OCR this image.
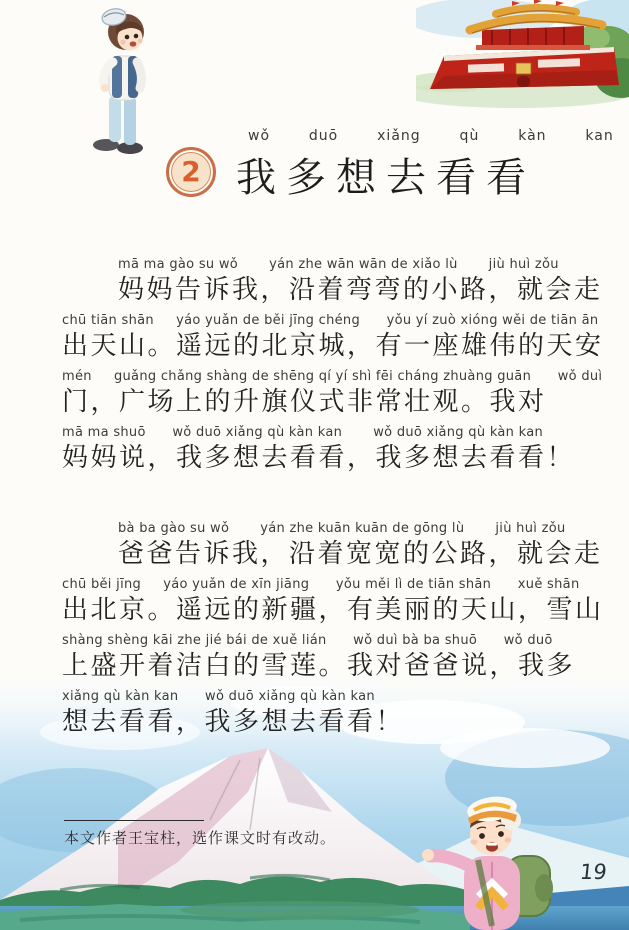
2
wǒ  duō  xiǎng  qù  kàn  kan
我多想去看看
mā ma gào su wǒ       yán zhe wān wān de xiǎo lù       jiù huì zǒu
妈妈告诉我，沿着弯弯的小路，就会走
chū tiān shān     yáo yuǎn de běi jīng chéng      yǒu yí zuò xióng wěi de tiān ān
出天山。遥远的北京城，有一座雄伟的天安
mén     guǎng chǎng shàng de shēng qí yí shì fēi cháng zhuàng guān      wǒ duì
门，广场上的升旗仪式非常壮观。我对
mā ma shuō      wǒ duō xiǎng qù kàn kan       wǒ duō xiǎng qù kàn kan
妈妈说，我多想去看看，我多想去看看！
bà ba gào su wǒ       yán zhe kuān kuān de gōng lù       jiù huì zǒu
爸爸告诉我，沿着宽宽的公路，就会走
chū běi jīng     yáo yuǎn de xīn jiāng      yǒu měi lì de tiān shān      xuě shān
出北京。遥远的新疆，有美丽的天山，雪山
shàng shèng kāi zhe jié bái de xuě lián      wǒ duì bà ba shuō      wǒ duō
上盛开着洁白的雪莲。我对爸爸说，我多
xiǎng qù kàn kan      wǒ duō xiǎng qù kàn kan
想去看看，我多想去看看！
本文作者王宝柱，选作课文时有改动。
19
